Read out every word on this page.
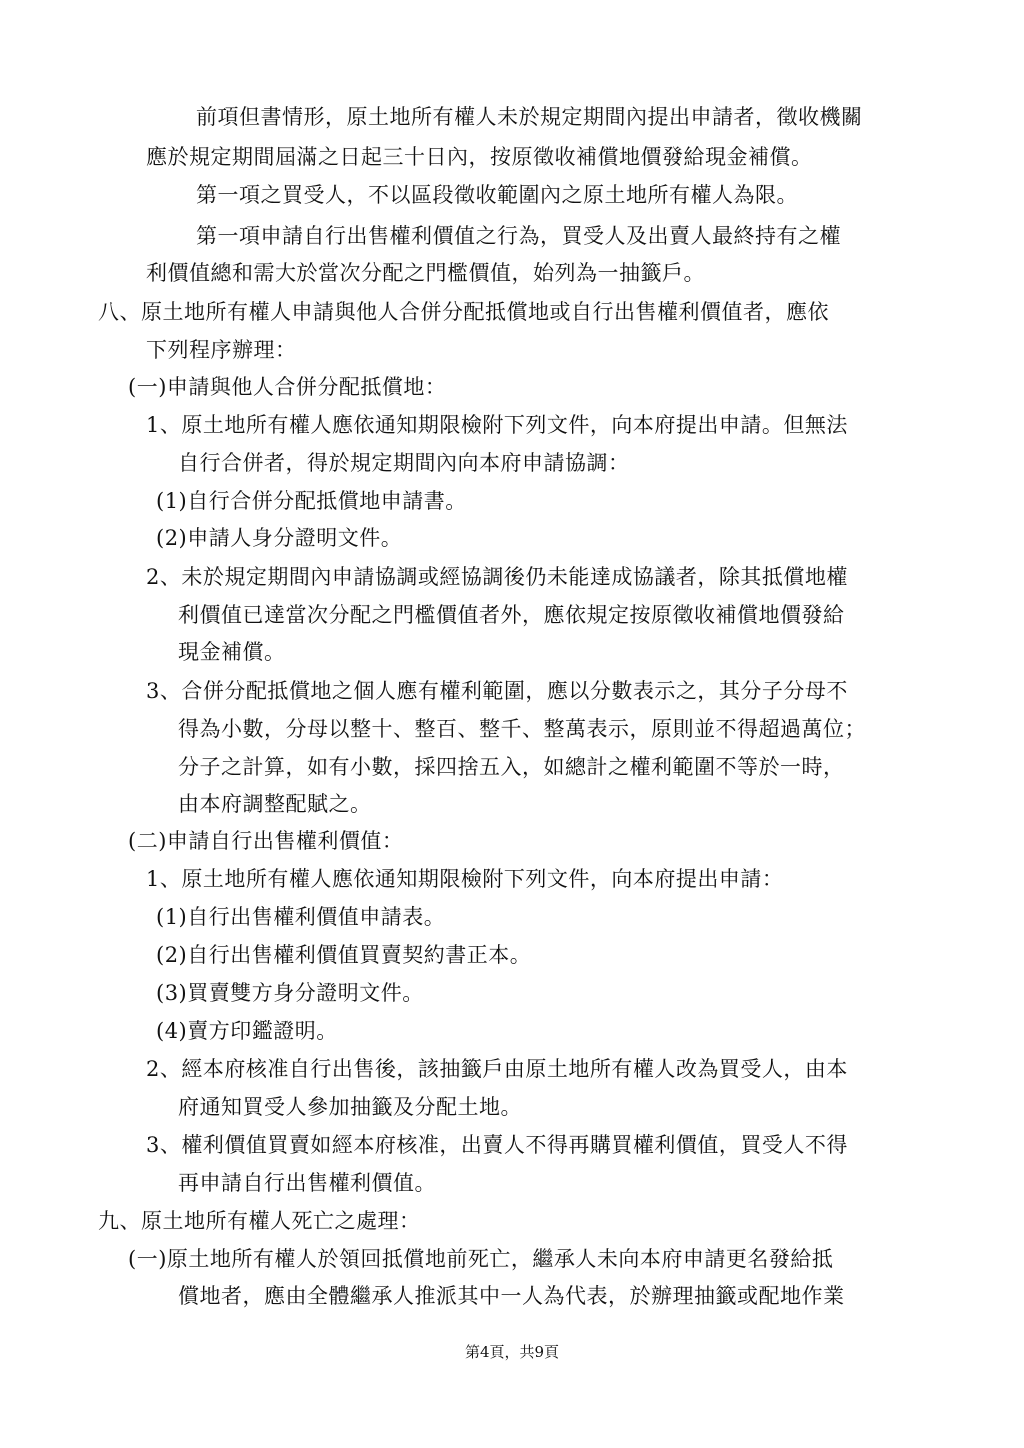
前項但書情形，原土地所有權人未於規定期間內提出申請者，徵收機關
應於規定期間屆滿之日起三十日內，按原徵收補償地價發給現金補償。
第一項之買受人，不以區段徵收範圍內之原土地所有權人為限。
第一項申請自行出售權利價值之行為，買受人及出賣人最終持有之權
利價值總和需大於當次分配之門檻價值，始列為一抽籤戶。
八、原土地所有權人申請與他人合併分配抵償地或自行出售權利價值者，應依
下列程序辦理：
(一)申請與他人合併分配抵償地：
1、原土地所有權人應依通知期限檢附下列文件，向本府提出申請。但無法
自行合併者，得於規定期間內向本府申請協調：
(1)自行合併分配抵償地申請書。
(2)申請人身分證明文件。
2、未於規定期間內申請協調或經協調後仍未能達成協議者，除其抵償地權
利價值已達當次分配之門檻價值者外，應依規定按原徵收補償地價發給
現金補償。
3、合併分配抵償地之個人應有權利範圍，應以分數表示之，其分子分母不
得為小數，分母以整十、整百、整千、整萬表示，原則並不得超過萬位；
分子之計算，如有小數，採四捨五入，如總計之權利範圍不等於一時，
由本府調整配賦之。
(二)申請自行出售權利價值：
1、原土地所有權人應依通知期限檢附下列文件，向本府提出申請：
(1)自行出售權利價值申請表。
(2)自行出售權利價值買賣契約書正本。
(3)買賣雙方身分證明文件。
(4)賣方印鑑證明。
2、經本府核准自行出售後，該抽籤戶由原土地所有權人改為買受人，由本
府通知買受人參加抽籤及分配土地。
3、權利價值買賣如經本府核准，出賣人不得再購買權利價值，買受人不得
再申請自行出售權利價值。
九、原土地所有權人死亡之處理：
(一)原土地所有權人於領回抵償地前死亡，繼承人未向本府申請更名發給抵
償地者，應由全體繼承人推派其中一人為代表，於辦理抽籤或配地作業
第4頁，共9頁
